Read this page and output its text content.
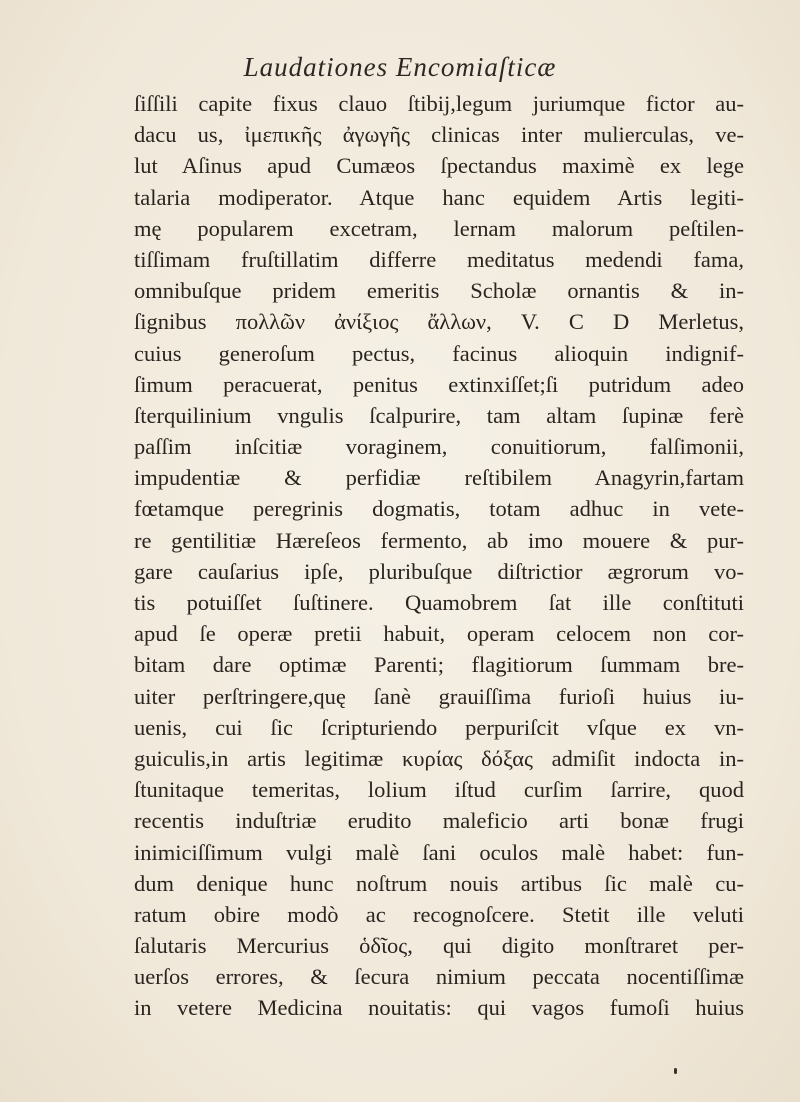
Laudationes Encomiaſticæ
ſiſſili capite fixus clauo ſtibij,legum juriumque fictor au-
dacu us, ἰμεπικῆς ἀγωγῆς clinicas inter mulierculas, ve-
lut Aſinus apud Cumæos ſpectandus maximè ex lege
talaria modiperator. Atque hanc equidem Artis legiti-
mę popularem excetram, lernam malorum peſtilen-
tiſſimam fruſtillatim differre meditatus medendi fama,
omnibuſque pridem emeritis Scholæ ornantis & in-
ſignibus πολλῶν ἀνίξιος ἄλλων, V. C D Merletus,
cuius generoſum pectus, facinus alioquin indignif-
ſimum peracuerat, penitus extinxiſſet;ſi putridum adeo
ſterquilinium vngulis ſcalpurire, tam altam ſupinæ ferè
paſſim inſcitiæ voraginem, conuitiorum, falſimonii,
impudentiæ & perfidiæ reſtibilem Anagyrin,fartam
fœtamque peregrinis dogmatis, totam adhuc in vete-
re gentilitiæ Hæreſeos fermento, ab imo mouere & pur-
gare cauſarius ipſe, pluribuſque diſtrictior ægrorum vo-
tis potuiſſet ſuſtinere. Quamobrem ſat ille conſtituti
apud ſe operæ pretii habuit, operam celocem non cor-
bitam dare optimæ Parenti; flagitiorum ſummam bre-
uiter perſtringere,quę ſanè grauiſſima furioſi huius iu-
uenis, cui ſic ſcripturiendo perpuriſcit vſque ex vn-
guiculis,in artis legitimæ κυρίας δόξας admiſit indocta in-
ſtunitaque temeritas, lolium iſtud curſim ſarrire, quod
recentis induſtriæ erudito maleficio arti bonæ frugi
inimiciſſimum vulgi malè ſani oculos malè habet: fun-
dum denique hunc noſtrum nouis artibus ſic malè cu-
ratum obire modò ac recognoſcere. Stetit ille veluti
ſalutaris Mercurius ὁδῖος, qui digito monſtraret per-
uerſos errores, & ſecura nimium peccata nocentiſſimæ
in vetere Medicina nouitatis: qui vagos fumoſi huius
